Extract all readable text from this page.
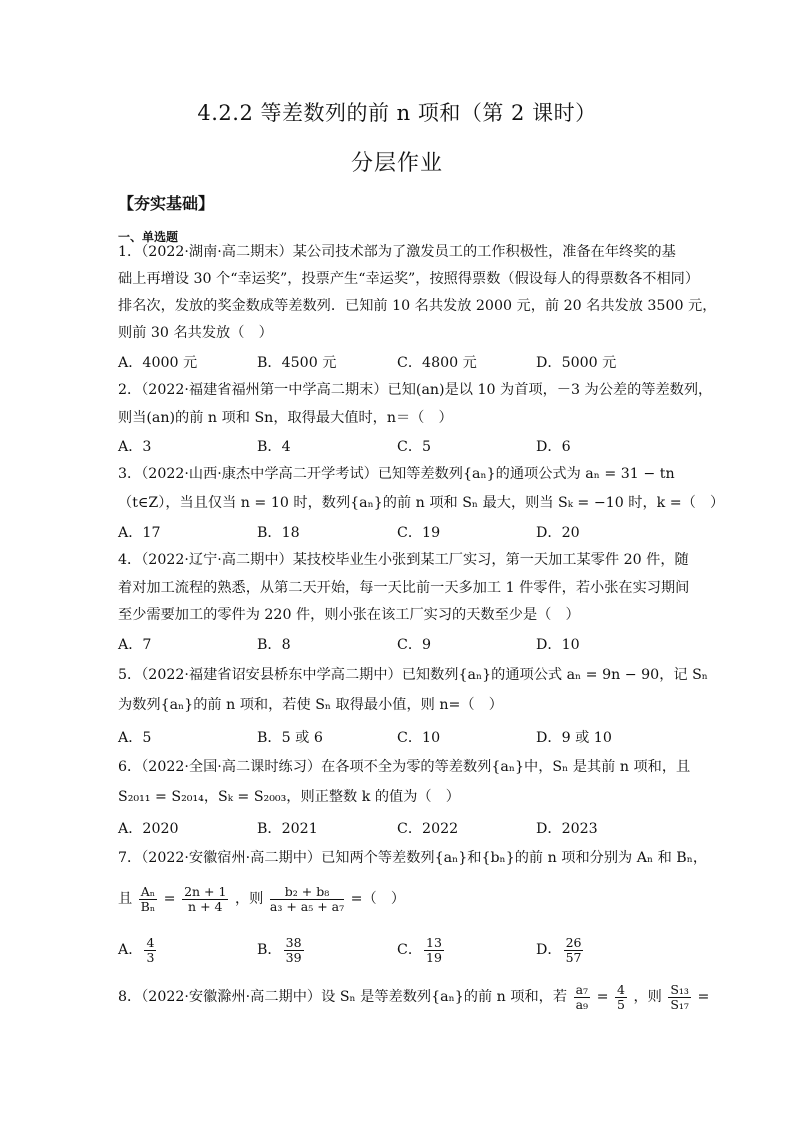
4.2.2 等差数列的前 n 项和（第 2 课时）
分层作业
【夯实基础】
一、单选题
1．（2022·湖南·高二期末）某公司技术部为了激发员工的工作积极性，准备在年终奖的基
础上再增设 30 个“幸运奖”，投票产生“幸运奖”，按照得票数（假设每人的得票数各不相同）
排名次，发放的奖金数成等差数列．已知前 10 名共发放 2000 元，前 20 名共发放 3500 元，
则前 30 名共发放（　）
A．4000 元	B．4500 元	C．4800 元	D．5000 元
2．（2022·福建省福州第一中学高二期末）已知(an)是以 10 为首项，－3 为公差的等差数列，
则当(an)的前 n 项和 Sn，取得最大值时，n＝（　）
A．3	B．4	C．5	D．6
3．（2022·山西·康杰中学高二开学考试）已知等差数列{aₙ}的通项公式为 aₙ = 31 − tn
（t∈Z），当且仅当 n = 10 时，数列{aₙ}的前 n 项和 Sₙ 最大，则当 Sₖ = −10 时，k =（　）
A．17	B．18	C．19	D．20
4．（2022·辽宁·高二期中）某技校毕业生小张到某工厂实习，第一天加工某零件 20 件，随
着对加工流程的熟悉，从第二天开始，每一天比前一天多加工 1 件零件，若小张在实习期间
至少需要加工的零件为 220 件，则小张在该工厂实习的天数至少是（　）
A．7	B．8	C．9	D．10
5．（2022·福建省诏安县桥东中学高二期中）已知数列{aₙ}的通项公式 aₙ = 9n − 90，记 Sₙ
为数列{aₙ}的前 n 项和，若使 Sₙ 取得最小值，则 n=（　）
A．5	B．5 或 6	C．10	D．9 或 10
6．（2022·全国·高二课时练习）在各项不全为零的等差数列{aₙ}中，Sₙ 是其前 n 项和，且
S₂₀₁₁ = S₂₀₁₄，Sₖ = S₂₀₀₃，则正整数 k 的值为（　）
A．2020	B．2021	C．2022	D．2023
7．（2022·安徽宿州·高二期中）已知两个等差数列{aₙ}和{bₙ}的前 n 项和分别为 Aₙ 和 Bₙ，
且 $\frac{\text{Aₙ}}{\text{Bₙ}} = \frac{2n + 1}{n + 4}$ ，则 $\frac{\text{b₂ + b₈}}{\text{a₃ + a₅ + a₇}}$ =（　）
A． $\frac{4}{3}$	B． $\frac{38}{39}$	C． $\frac{13}{19}$	D． $\frac{26}{57}$
8．（2022·安徽滁州·高二期中）设 Sₙ 是等差数列{aₙ}的前 n 项和，若 $\frac{\text{a₇}}{\text{a₉}} = \frac{4}{5}$ ，则 $\frac{\text{S₁₃}}{\text{S₁₇}}$ =
